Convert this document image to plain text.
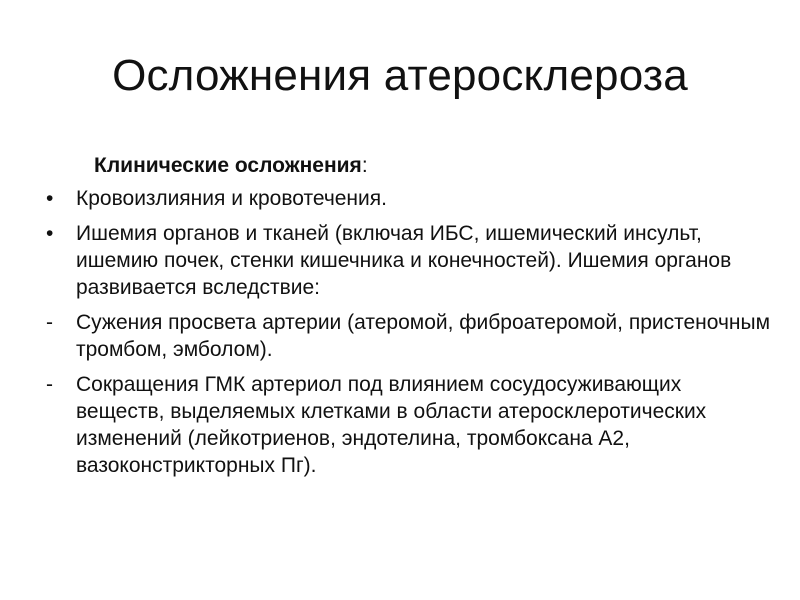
Осложнения атеросклероза

Клинические осложнения:

•	Кровоизлияния и кровотечения.
•	Ишемия органов и тканей (включая ИБС, ишемический инсульт, ишемию почек, стенки кишечника и конечностей). Ишемия органов развивается вследствие:
-	Сужения просвета артерии (атеромой, фиброатеромой, пристеночным тромбом, эмболом).
-	Сокращения ГМК артериол под влиянием сосудосуживающих веществ, выделяемых клетками в области атеросклеротических изменений (лейкотриенов, эндотелина, тромбоксана А2, вазоконстрикторных Пг).
